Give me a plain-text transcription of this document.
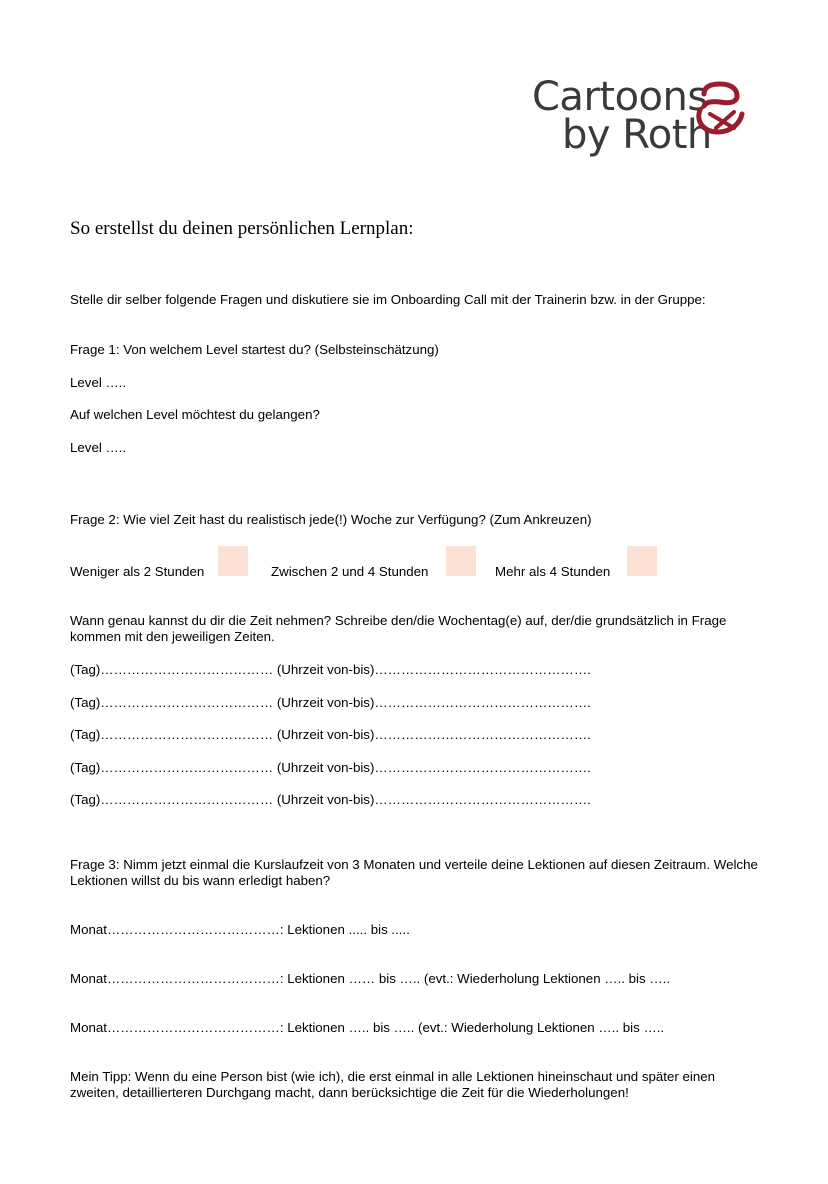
Cartoons
by Roth
So erstellst du deinen persönlichen Lernplan:
Stelle dir selber folgende Fragen und diskutiere sie im Onboarding Call mit der Trainerin bzw. in der Gruppe:
Frage 1: Von welchem Level startest du? (Selbsteinschätzung)
Level …..
Auf welchen Level möchtest du gelangen?
Level …..
Frage 2: Wie viel Zeit hast du realistisch jede(!) Woche zur Verfügung? (Zum Ankreuzen)
Weniger als 2 Stunden	Zwischen 2 und 4 Stunden	Mehr als 4 Stunden
Wann genau kannst du dir die Zeit nehmen? Schreibe den/die Wochentag(e) auf, der/die grundsätzlich in Frage kommen mit den jeweiligen Zeiten.
(Tag)………………………………… (Uhrzeit von-bis)………………………………………….
(Tag)………………………………… (Uhrzeit von-bis)………………………………………….
(Tag)………………………………… (Uhrzeit von-bis)………………………………………….
(Tag)………………………………… (Uhrzeit von-bis)………………………………………….
(Tag)………………………………… (Uhrzeit von-bis)………………………………………….
Frage 3: Nimm jetzt einmal die Kurslaufzeit von 3 Monaten und verteile deine Lektionen auf diesen Zeitraum. Welche Lektionen willst du bis wann erledigt haben?
Monat…………………………………: Lektionen ..... bis .....
Monat…………………………………: Lektionen …… bis ….. (evt.: Wiederholung Lektionen ….. bis …..
Monat…………………………………: Lektionen ….. bis ….. (evt.: Wiederholung Lektionen ….. bis …..
Mein Tipp: Wenn du eine Person bist (wie ich), die erst einmal in alle Lektionen hineinschaut und später einen zweiten, detaillierteren Durchgang macht, dann berücksichtige die Zeit für die Wiederholungen!
